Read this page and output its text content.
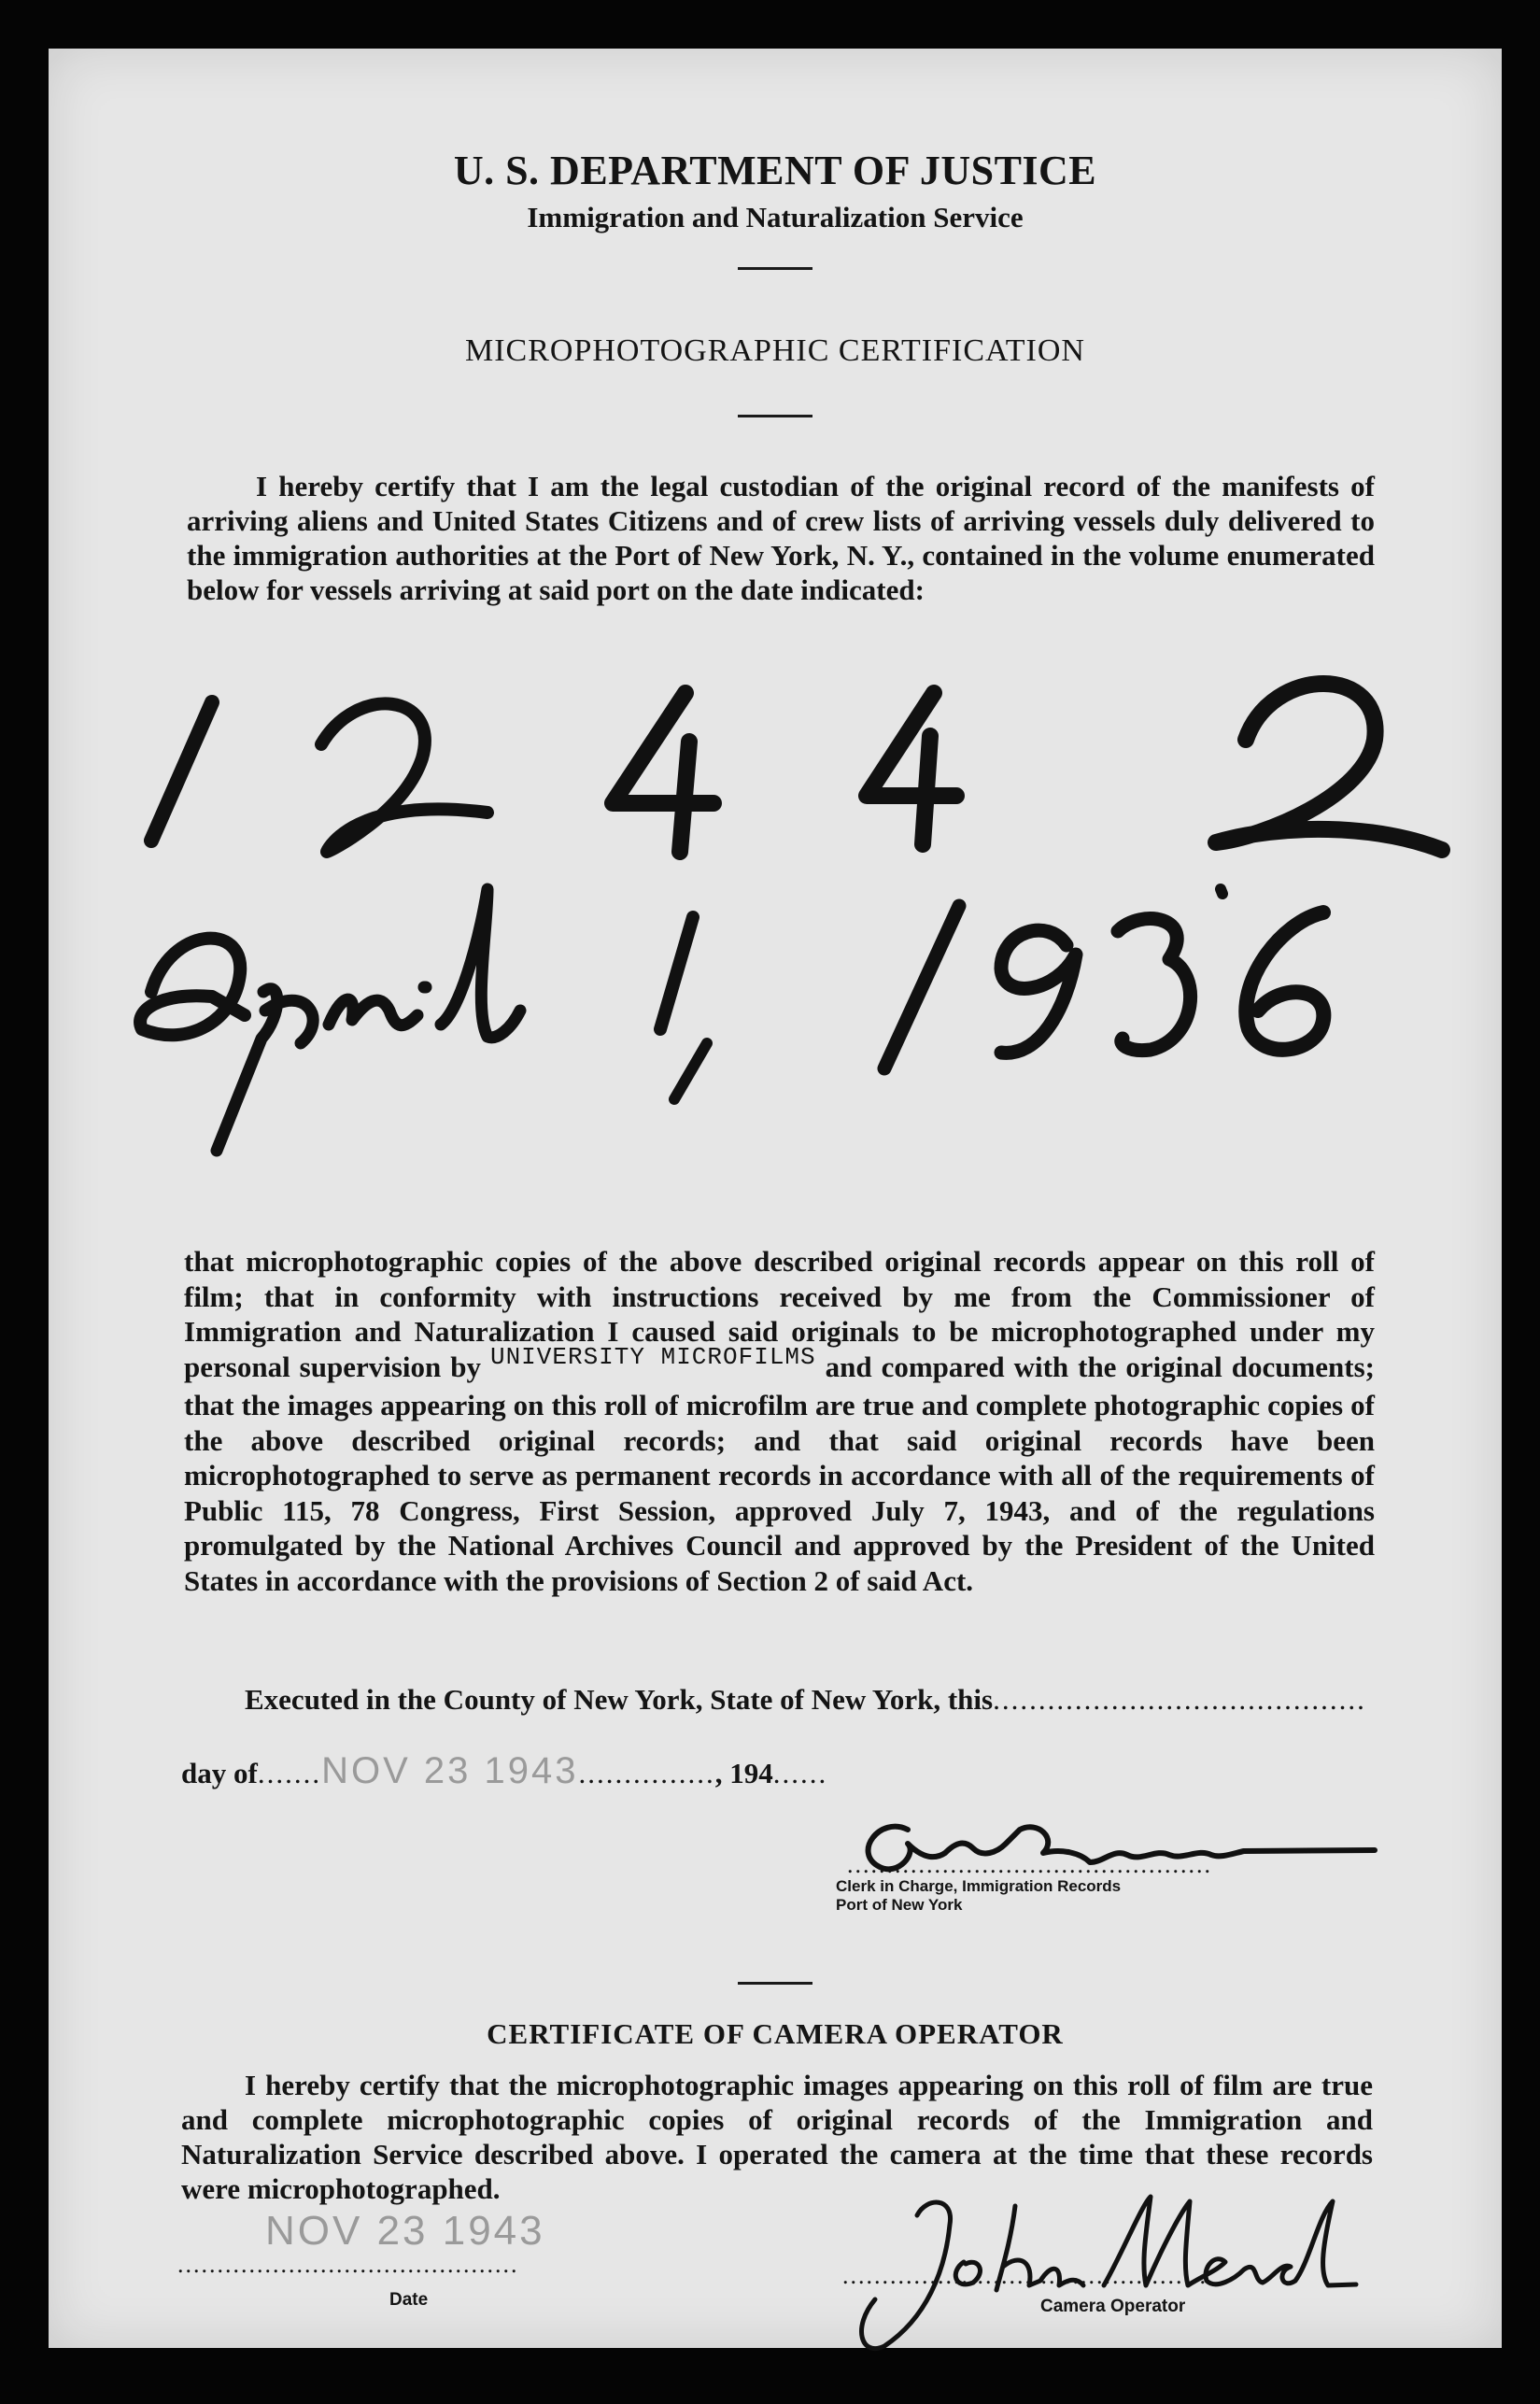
U. S. DEPARTMENT OF JUSTICE
Immigration and Naturalization Service
MICROPHOTOGRAPHIC CERTIFICATION
I hereby certify that I am the legal custodian of the original record of the manifests of arriving aliens and United States Citizens and of crew lists of arriving vessels duly delivered to the immigration authorities at the Port of New York, N. Y., contained in the volume enumerated below for vessels arriving at said port on the date indicated:
that microphotographic copies of the above described original records appear on this roll of film; that in conformity with instructions received by me from the Commissioner of Immigration and Naturalization I caused said originals to be microphotographed under my personal supervision by UNIVERSITY MICROFILMS and compared with the original documents; that the images appearing on this roll of microfilm are true and complete photographic copies of the above described original records; and that said original records have been microphotographed to serve as permanent records in accordance with all of the requirements of Public 115, 78 Congress, First Session, approved July 7, 1943, and of the regulations promulgated by the National Archives Council and approved by the President of the United States in accordance with the provisions of Section 2 of said Act.
Executed in the County of New York, State of New York, this.........................................
day of.......NOV 23 1943..............., 194......
..............................................
Clerk in Charge, Immigration Records
Port of New York
CERTIFICATE OF CAMERA OPERATOR
I hereby certify that the microphotographic images appearing on this roll of film are true and complete microphotographic copies of original records of the Immigration and Naturalization Service described above. I operated the camera at the time that these records were microphotographed.
NOV 23 1943
...........................................
Date
..............................................
Camera Operator
